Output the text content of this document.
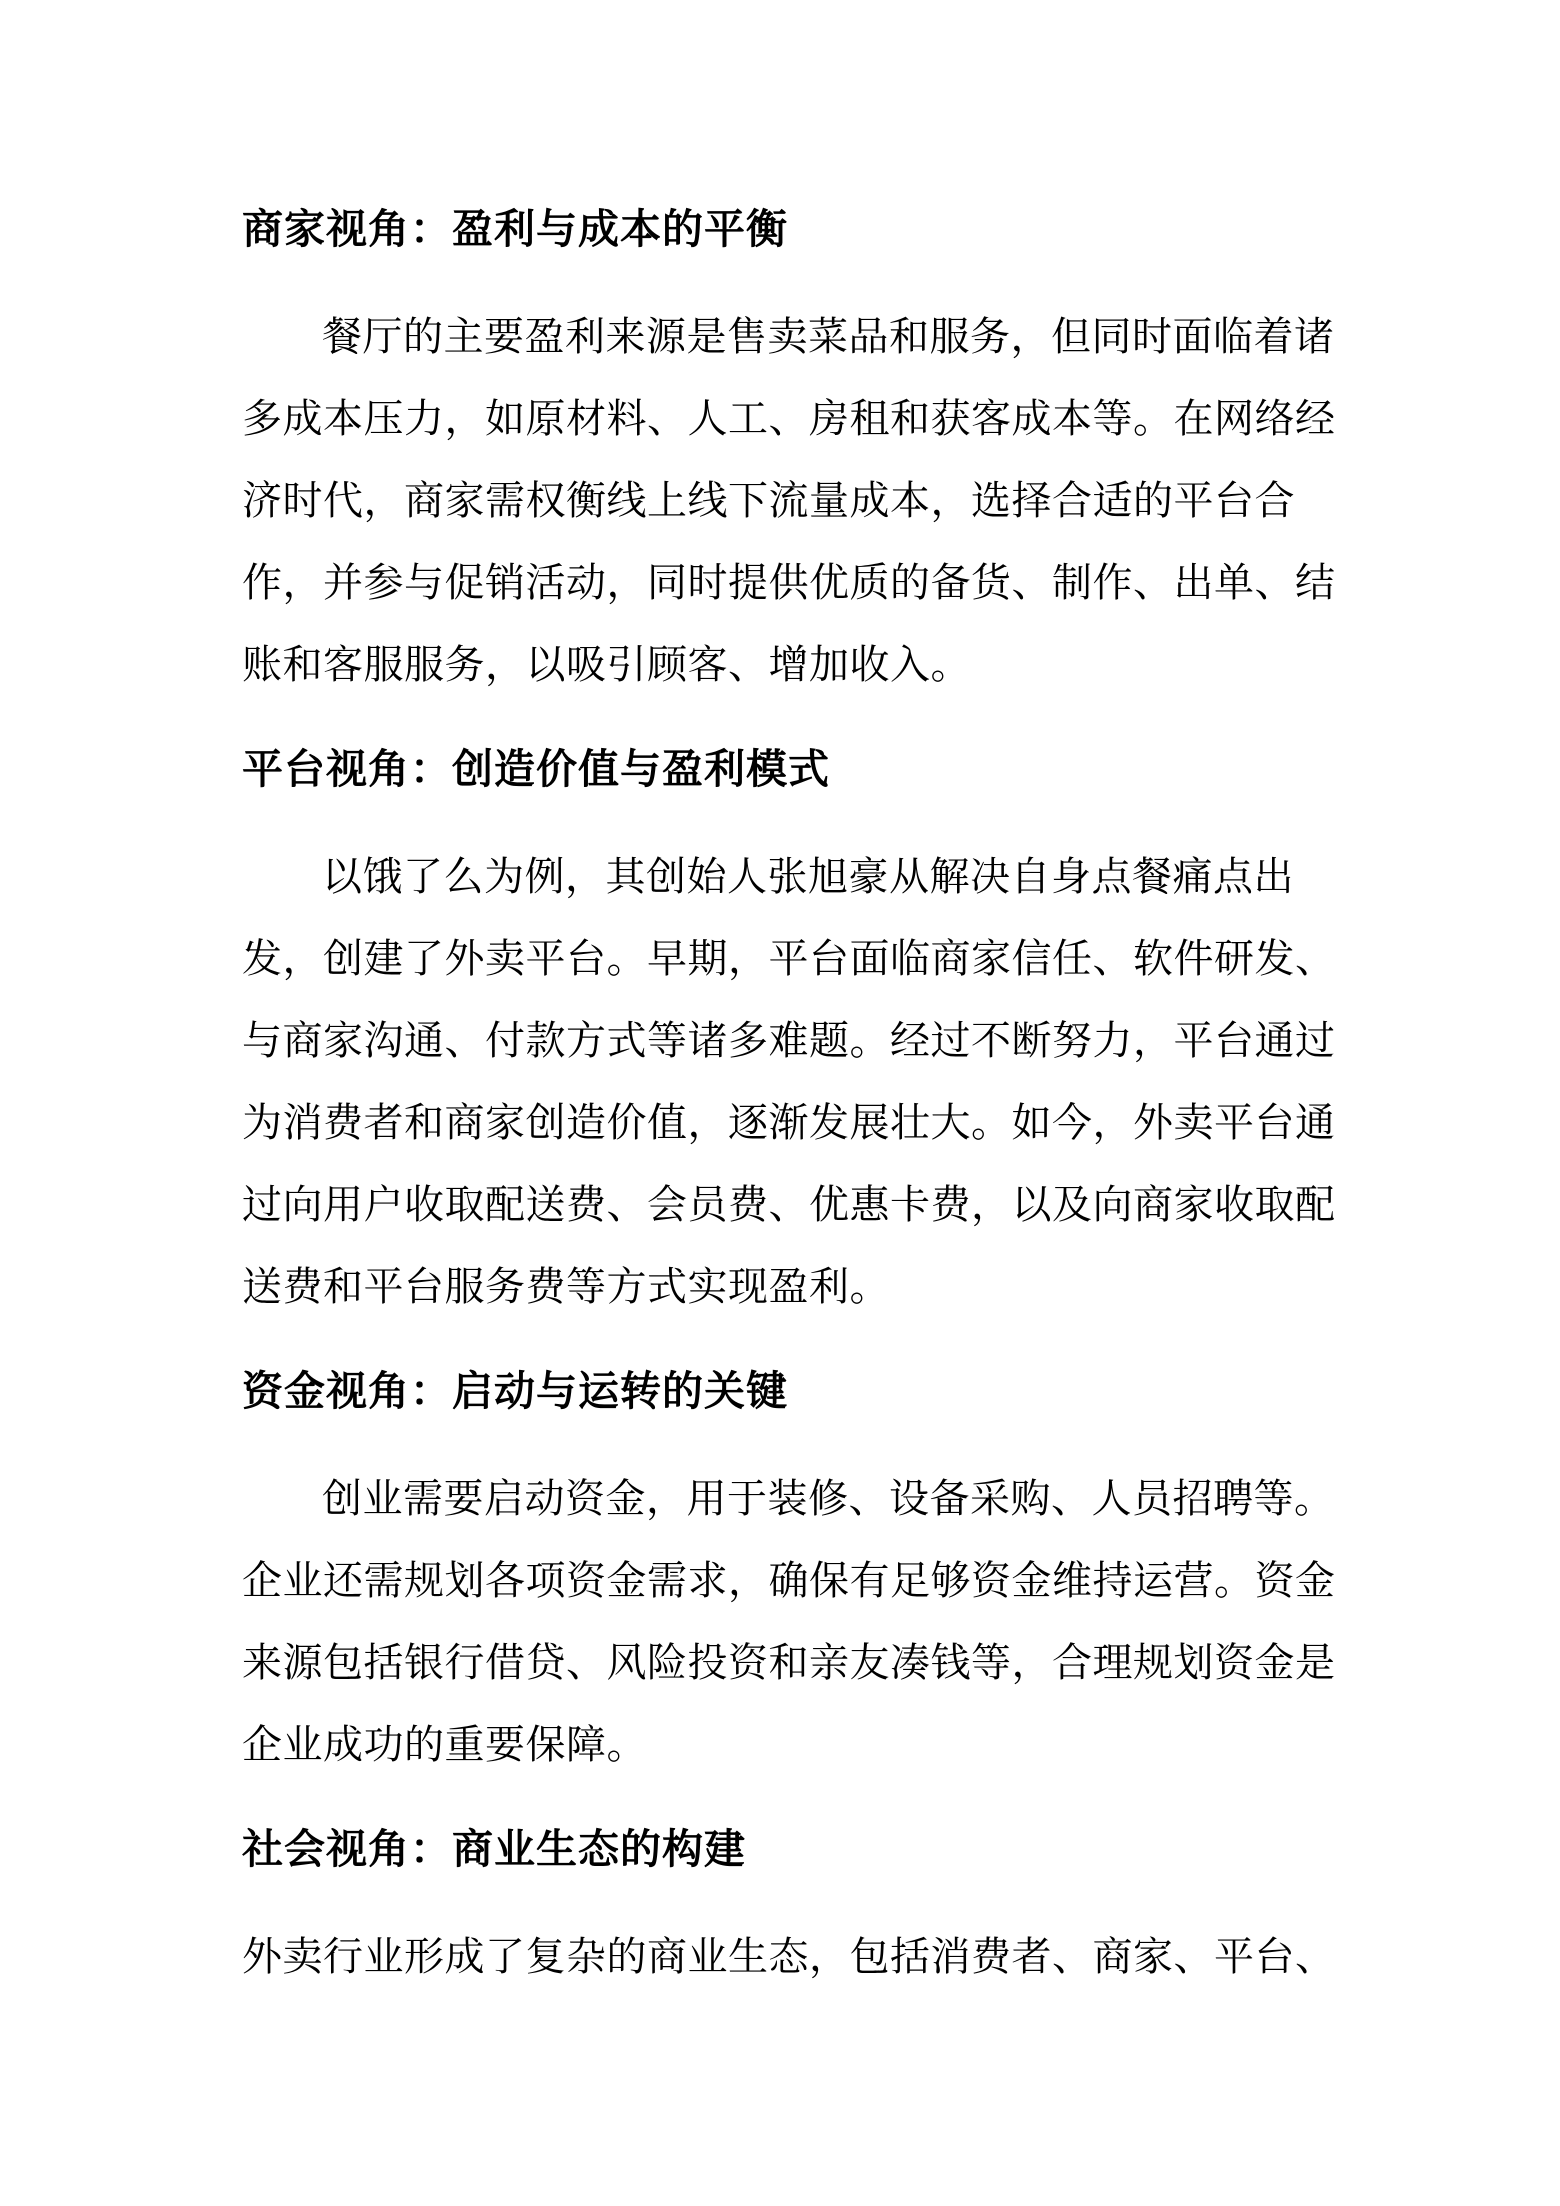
商家视角：盈利与成本的平衡
餐厅的主要盈利来源是售卖菜品和服务，但同时面临着诸
多成本压力，如原材料、人工、房租和获客成本等。在网络经
济时代，商家需权衡线上线下流量成本，选择合适的平台合
作，并参与促销活动，同时提供优质的备货、制作、出单、结
账和客服服务，以吸引顾客、增加收入。
平台视角：创造价值与盈利模式
以饿了么为例，其创始人张旭豪从解决自身点餐痛点出
发，创建了外卖平台。早期，平台面临商家信任、软件研发、
与商家沟通、付款方式等诸多难题。经过不断努力，平台通过
为消费者和商家创造价值，逐渐发展壮大。如今，外卖平台通
过向用户收取配送费、会员费、优惠卡费，以及向商家收取配
送费和平台服务费等方式实现盈利。
资金视角：启动与运转的关键
创业需要启动资金，用于装修、设备采购、人员招聘等。
企业还需规划各项资金需求，确保有足够资金维持运营。资金
来源包括银行借贷、风险投资和亲友凑钱等，合理规划资金是
企业成功的重要保障。
社会视角：商业生态的构建
外卖行业形成了复杂的商业生态，包括消费者、商家、平台、
